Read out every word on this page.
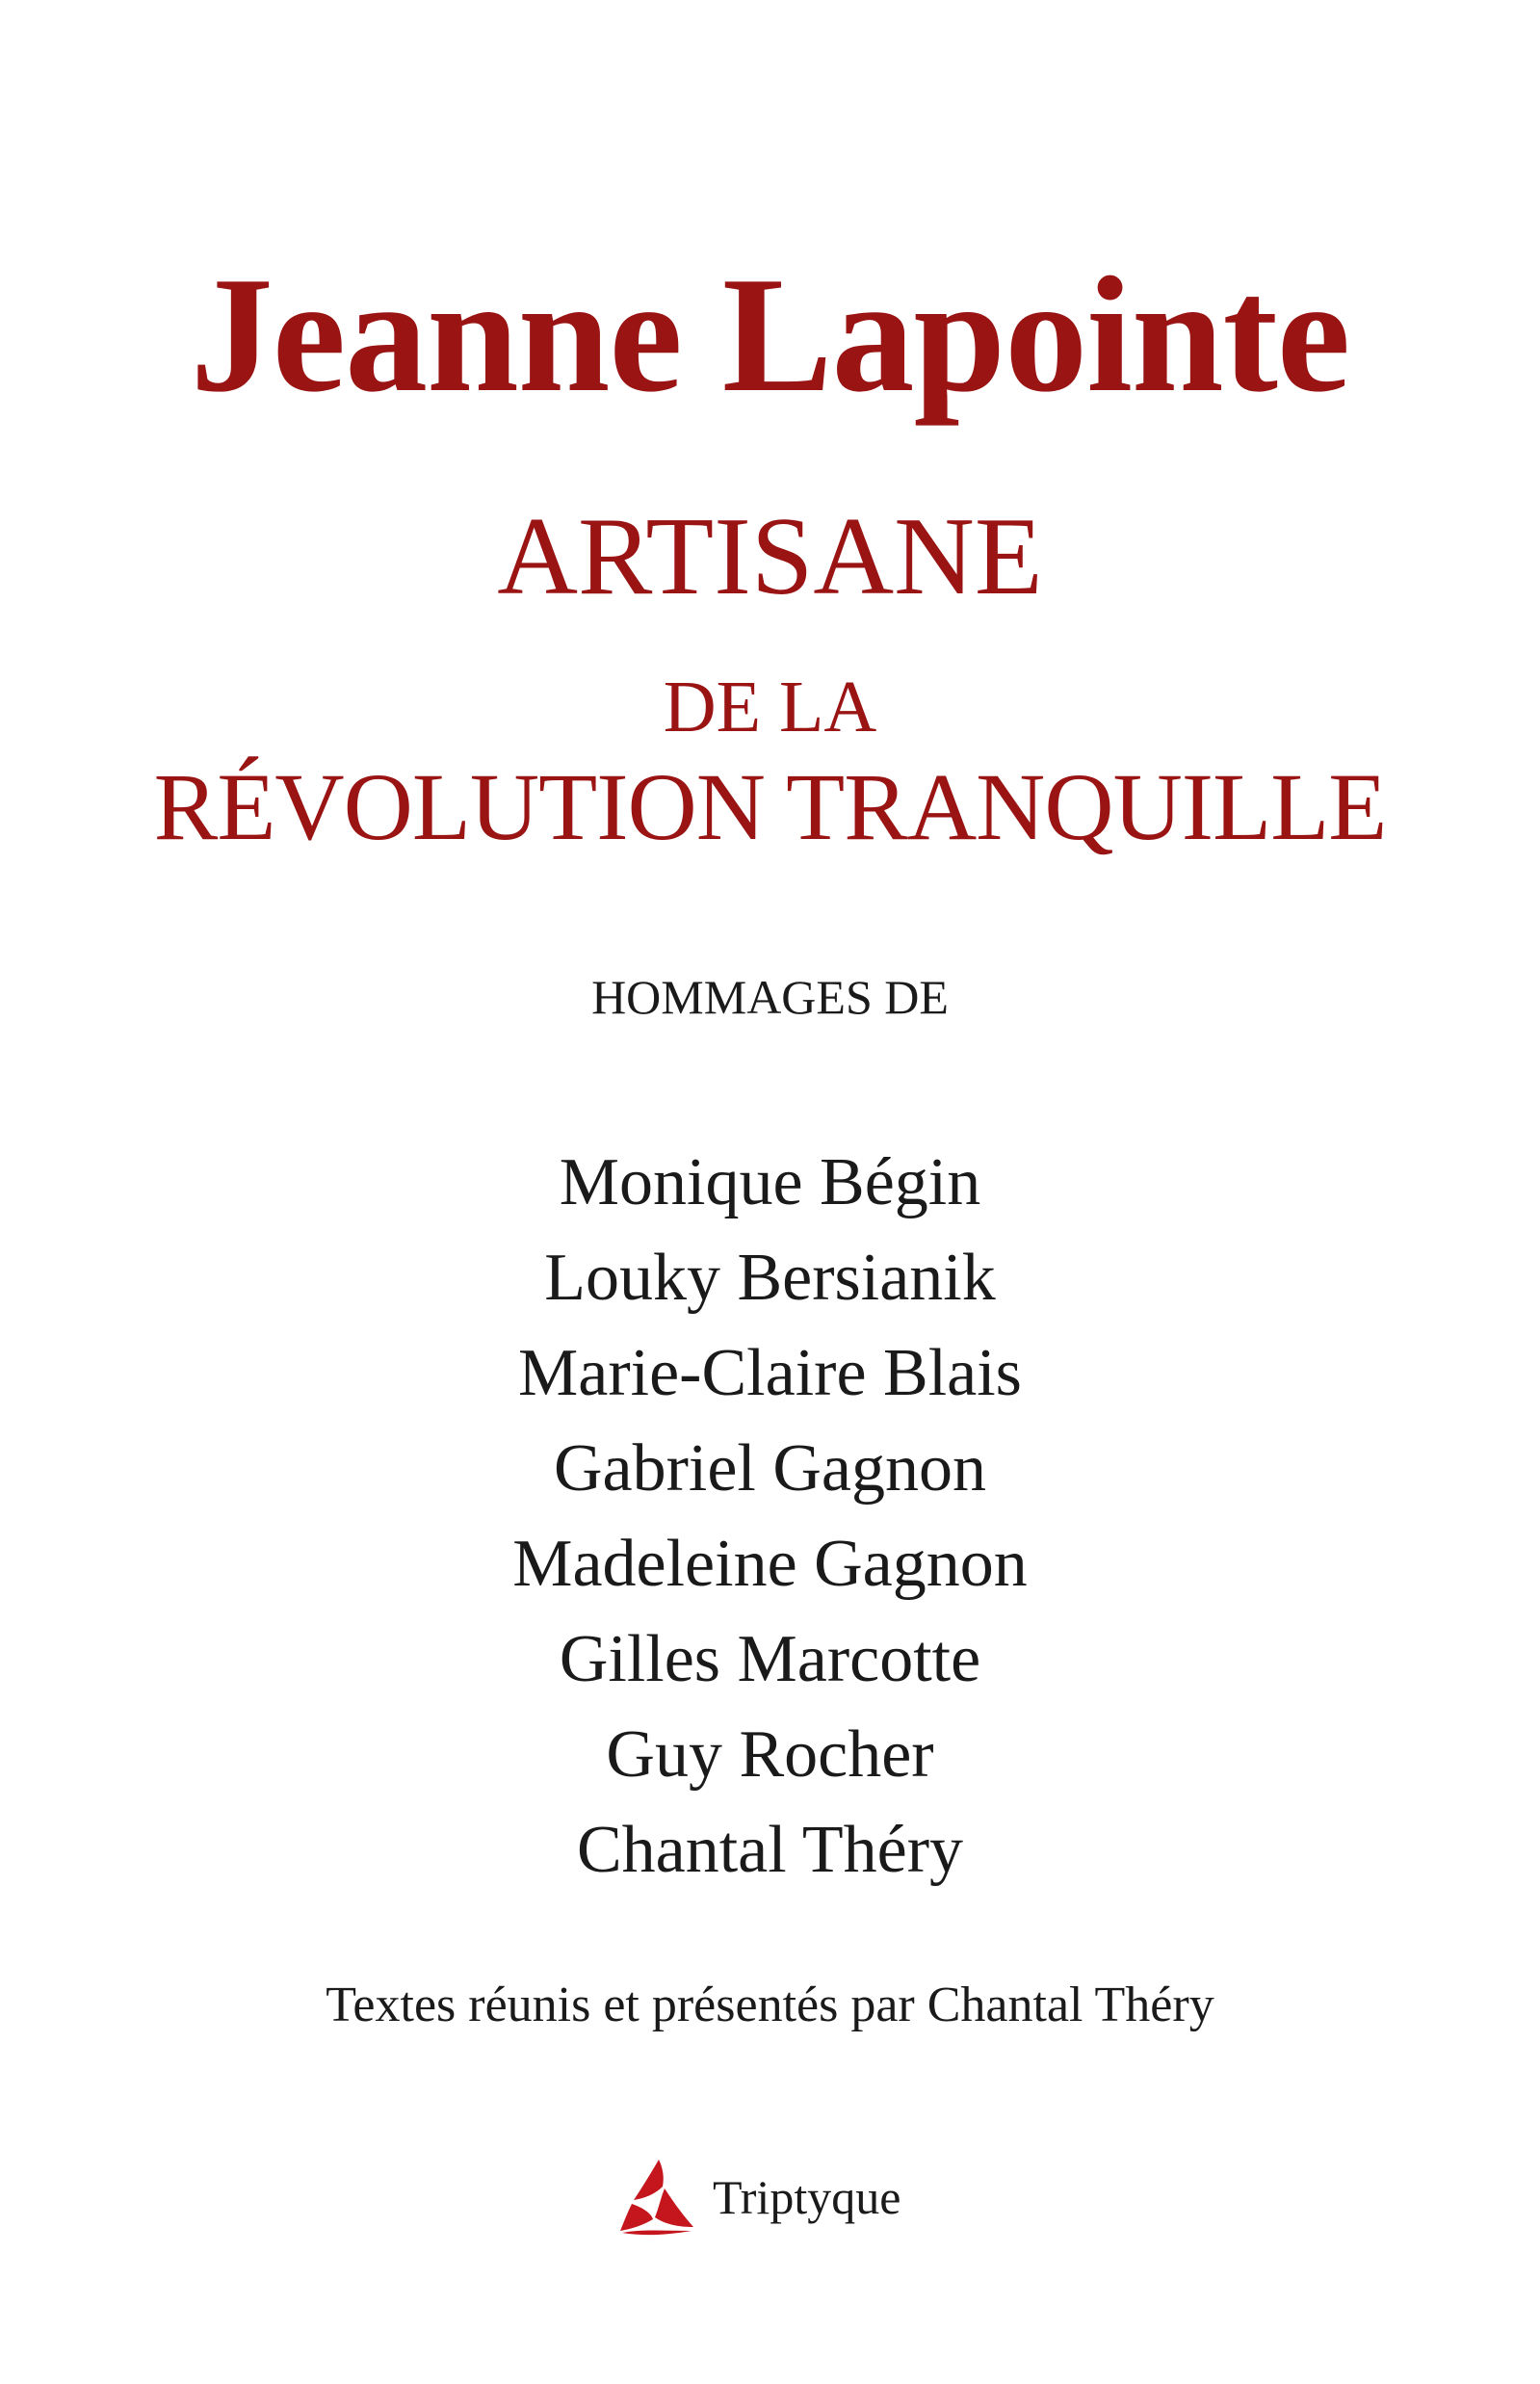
Jeanne Lapointe
ARTISANE
DE LA
RÉVOLUTION TRANQUILLE
HOMMAGES DE
Monique Bégin
Louky Bersianik
Marie-Claire Blais
Gabriel Gagnon
Madeleine Gagnon
Gilles Marcotte
Guy Rocher
Chantal Théry
Textes réunis et présentés par Chantal Théry
Triptyque
